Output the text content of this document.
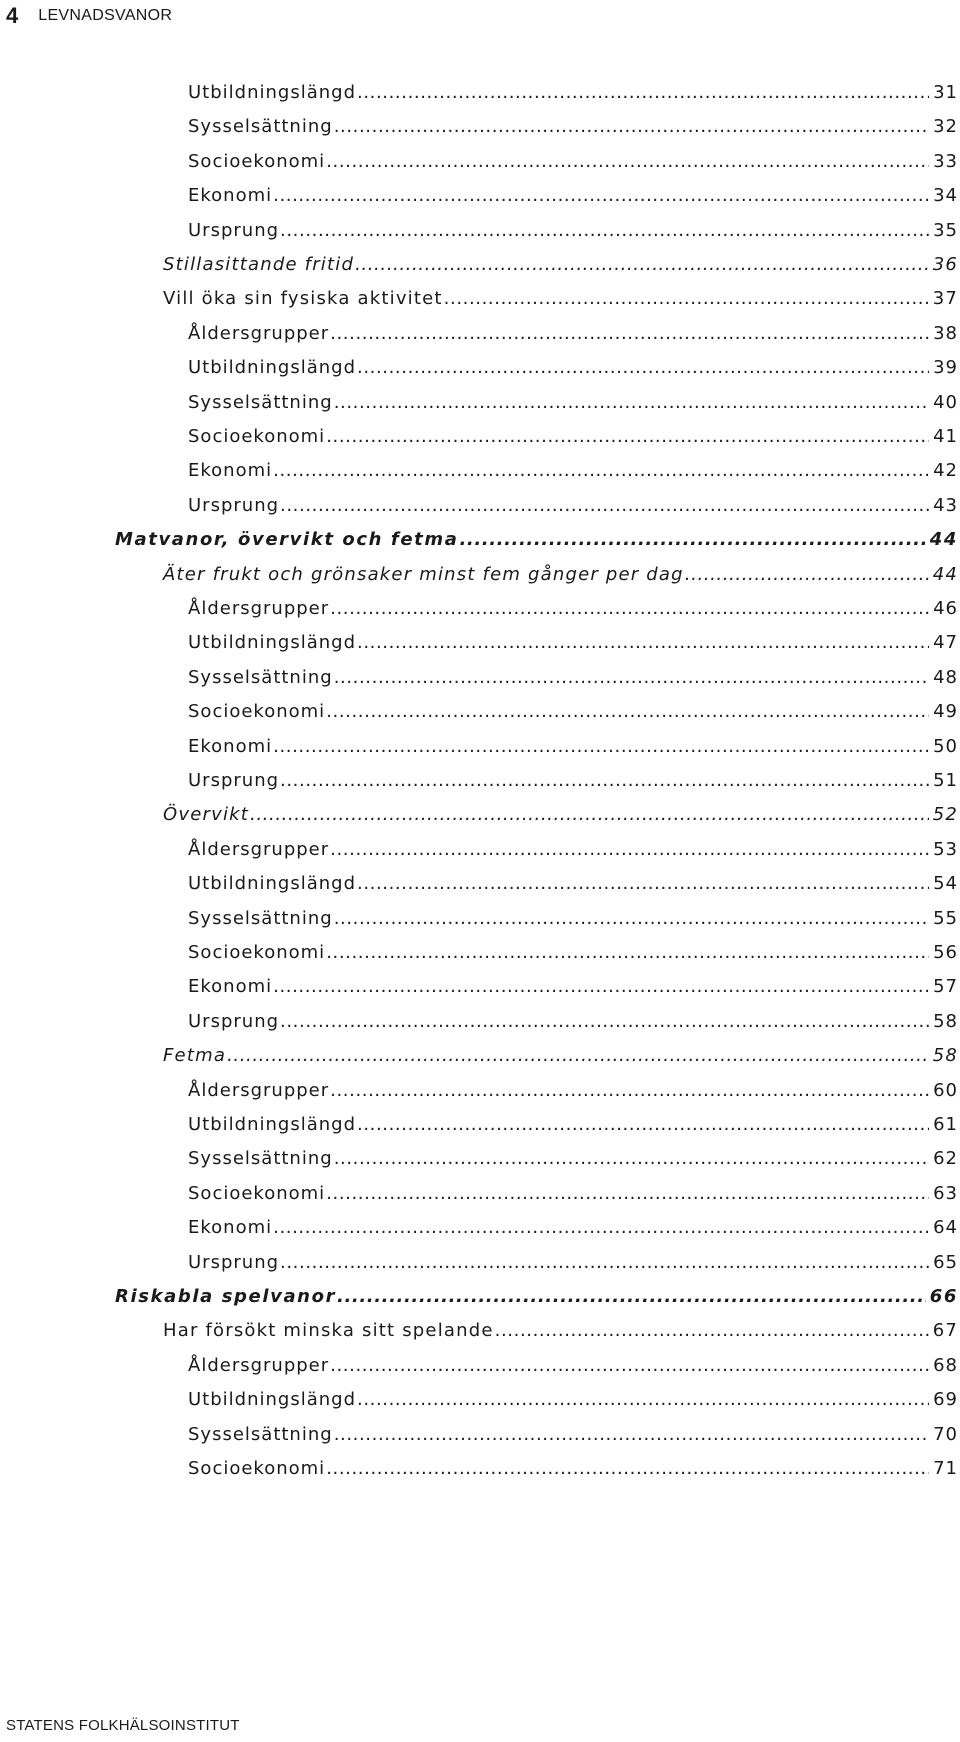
4 LEVNADSVANOR
Utbildningslängd .....	31
Sysselsättning .....	32
Socioekonomi .....	33
Ekonomi .....	34
Ursprung .....	35
Stillasittande fritid .....	36
Vill öka sin fysiska aktivitet .....	37
Åldersgrupper .....	38
Utbildningslängd .....	39
Sysselsättning .....	40
Socioekonomi .....	41
Ekonomi .....	42
Ursprung .....	43
Matvanor, övervikt och fetma .....	44
Äter frukt och grönsaker minst fem gånger per dag .....	44
Åldersgrupper .....	46
Utbildningslängd .....	47
Sysselsättning .....	48
Socioekonomi .....	49
Ekonomi .....	50
Ursprung .....	51
Övervikt .....	52
Åldersgrupper .....	53
Utbildningslängd .....	54
Sysselsättning .....	55
Socioekonomi .....	56
Ekonomi .....	57
Ursprung .....	58
Fetma .....	58
Åldersgrupper .....	60
Utbildningslängd .....	61
Sysselsättning .....	62
Socioekonomi .....	63
Ekonomi .....	64
Ursprung .....	65
Riskabla spelvanor .....	66
Har försökt minska sitt spelande .....	67
Åldersgrupper .....	68
Utbildningslängd .....	69
Sysselsättning .....	70
Socioekonomi .....	71
STATENS FOLKHÄLSOINSTITUT
